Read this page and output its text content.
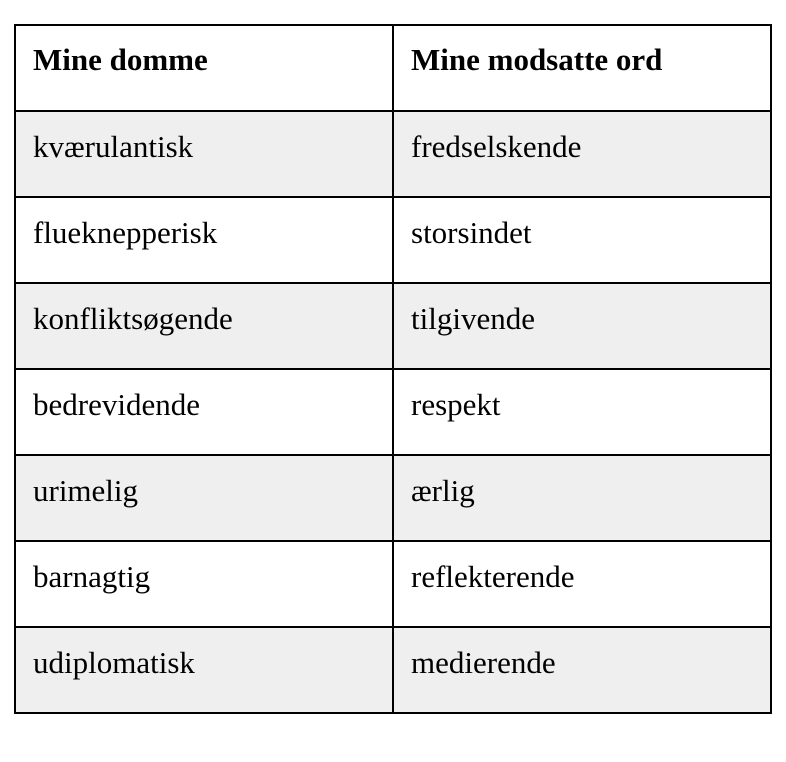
Mine domme	Mine modsatte ord
kværulantisk	fredselskende
flueknepperisk	storsindet
konfliktsøgende	tilgivende
bedrevidende	respekt
urimelig	ærlig
barnagtig	reflekterende
udiplomatisk	medierende
